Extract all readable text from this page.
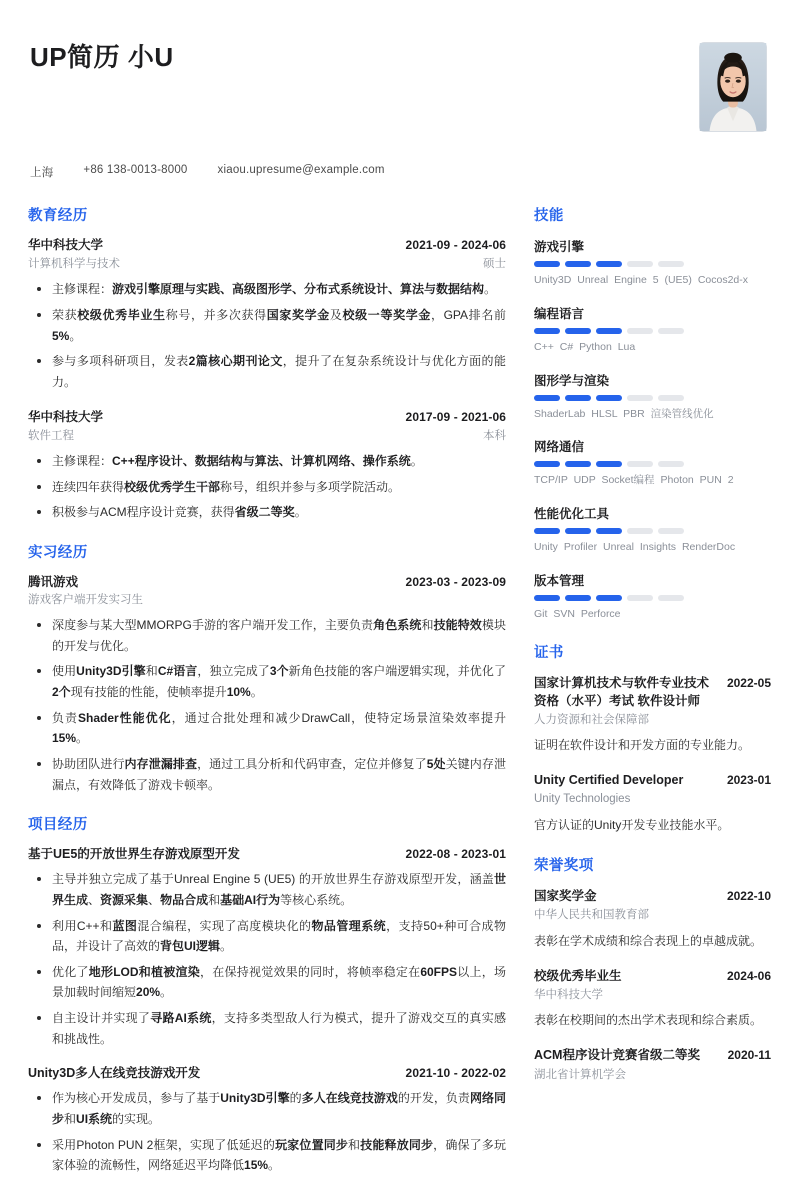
UP简历 小U
上海	+86 138-0013-8000	xiaou.upresume@example.com
教育经历
华中科技大学	2021-09 - 2024-06
计算机科学与技术	硕士
主修课程：游戏引擎原理与实践、高级图形学、分布式系统设计、算法与数据结构。
荣获校级优秀毕业生称号，并多次获得国家奖学金及校级一等奖学金，GPA排名前5%。
参与多项科研项目，发表2篇核心期刊论文，提升了在复杂系统设计与优化方面的能力。
华中科技大学	2017-09 - 2021-06
软件工程	本科
主修课程：C++程序设计、数据结构与算法、计算机网络、操作系统。
连续四年获得校级优秀学生干部称号，组织并参与多项学院活动。
积极参与ACM程序设计竞赛，获得省级二等奖。
实习经历
腾讯游戏	2023-03 - 2023-09
游戏客户端开发实习生
深度参与某大型MMORPG手游的客户端开发工作，主要负责角色系统和技能特效模块的开发与优化。
使用Unity3D引擎和C#语言，独立完成了3个新角色技能的客户端逻辑实现，并优化了2个现有技能的性能，使帧率提升10%。
负责Shader性能优化，通过合批处理和减少DrawCall，使特定场景渲染效率提升15%。
协助团队进行内存泄漏排查，通过工具分析和代码审查，定位并修复了5处关键内存泄漏点，有效降低了游戏卡顿率。
项目经历
基于UE5的开放世界生存游戏原型开发	2022-08 - 2023-01
主导并独立完成了基于Unreal Engine 5 (UE5) 的开放世界生存游戏原型开发，涵盖世界生成、资源采集、物品合成和基础AI行为等核心系统。
利用C++和蓝图混合编程，实现了高度模块化的物品管理系统，支持50+种可合成物品，并设计了高效的背包UI逻辑。
优化了地形LOD和植被渲染，在保持视觉效果的同时，将帧率稳定在60FPS以上，场景加载时间缩短20%。
自主设计并实现了寻路AI系统，支持多类型敌人行为模式，提升了游戏交互的真实感和挑战性。
Unity3D多人在线竞技游戏开发	2021-10 - 2022-02
作为核心开发成员，参与了基于Unity3D引擎的多人在线竞技游戏的开发，负责网络同步和UI系统的实现。
采用Photon PUN 2框架，实现了低延迟的玩家位置同步和技能释放同步，确保了多玩家体验的流畅性，网络延迟平均降低15%。
技能
游戏引擎
Unity3D Unreal Engine 5 (UE5) Cocos2d-x
编程语言
C++ C# Python Lua
图形学与渲染
ShaderLab HLSL PBR 渲染管线优化
网络通信
TCP/IP UDP Socket编程 Photon PUN 2
性能优化工具
Unity Profiler Unreal Insights RenderDoc
版本管理
Git SVN Perforce
证书
国家计算机技术与软件专业技术资格（水平）考试 软件设计师
2022-05
人力资源和社会保障部
证明在软件设计和开发方面的专业能力。
Unity Certified Developer	2023-01
Unity Technologies
官方认证的Unity开发专业技能水平。
荣誉奖项
国家奖学金	2022-10
中华人民共和国教育部
表彰在学术成绩和综合表现上的卓越成就。
校级优秀毕业生	2024-06
华中科技大学
表彰在校期间的杰出学术表现和综合素质。
ACM程序设计竞赛省级二等奖 2020-11
湖北省计算机学会
